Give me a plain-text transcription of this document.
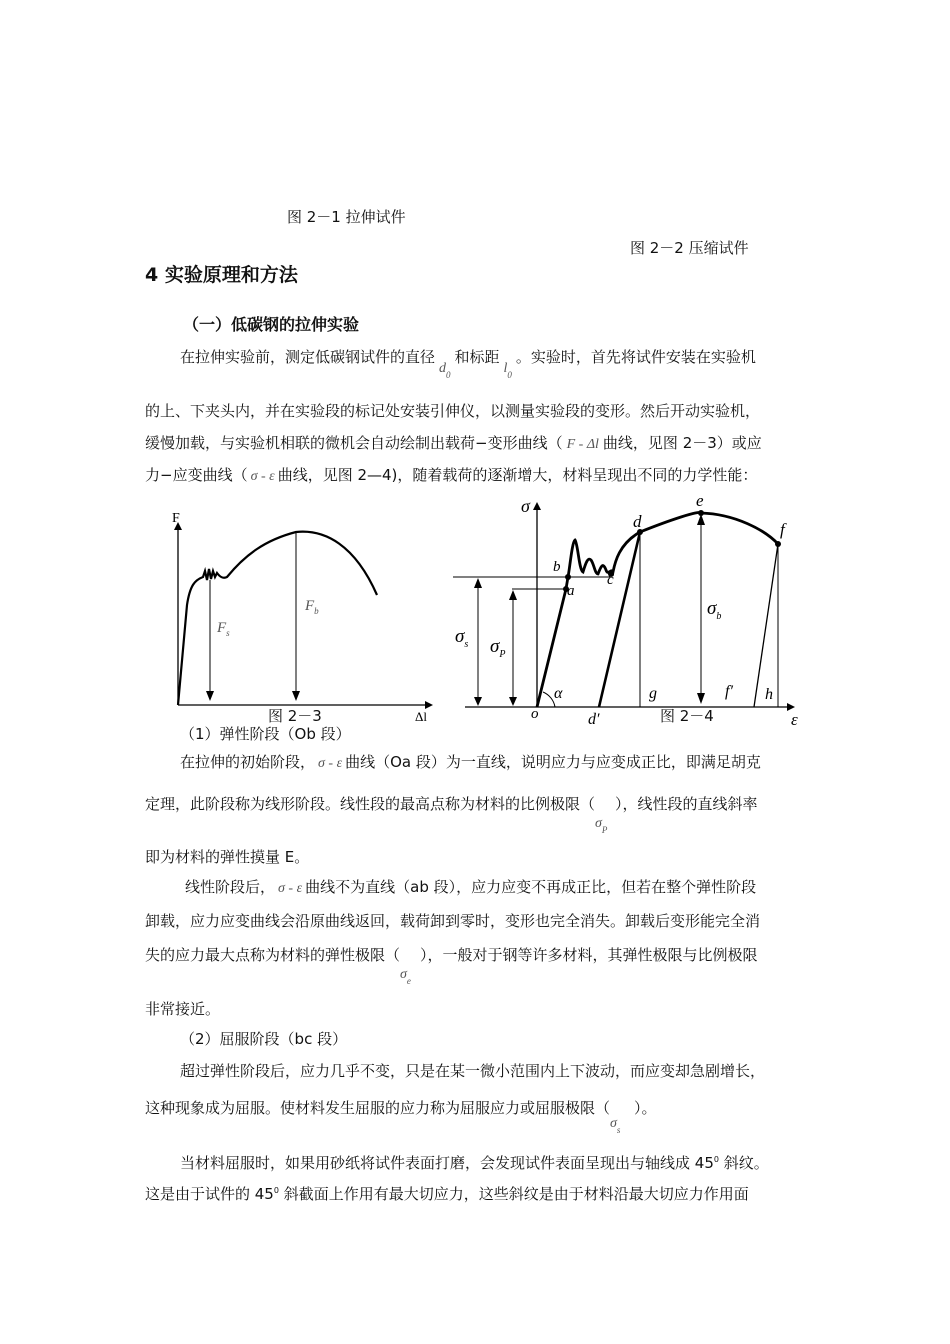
图 2－1 拉伸试件
图 2－2 压缩试件
4 实验原理和方法
（一）低碳钢的拉伸实验
在拉伸实验前，测定低碳钢试件的直径$d_0$和标距$l_0$。实验时，首先将试件安装在实验机
的上、下夹头内，并在实验段的标记处安装引伸仪，以测量实验段的变形。然后开动实验机，
缓慢加载，与实验机相联的微机会自动绘制出载荷−变形曲线（ F - Δl 曲线，见图 2－3）或应
力−应变曲线（ σ - ε 曲线，见图 2—4)，随着载荷的逐渐增大，材料呈现出不同的力学性能：
F
$F_s$
$F_b$
Δl
图 2－3
σ
ε
o
a
b
c
d
e
f
g	h
d′
f′
α
$\sigma_s$ $\sigma_P$
$\sigma_b$
图 2－4
（1）弹性阶段（Ob 段）
在拉伸的初始阶段， σ - ε 曲线（Oa 段）为一直线，说明应力与应变成正比，即满足胡克
定理，此阶段称为线形阶段。线性段的最高点称为材料的比例极限$(\sigma_P)$，线性段的直线斜率
即为材料的弹性摸量 E。
线性阶段后， σ - ε 曲线不为直线（ab 段），应力应变不再成正比，但若在整个弹性阶段
卸载，应力应变曲线会沿原曲线返回，载荷卸到零时，变形也完全消失。卸载后变形能完全消
失的应力最大点称为材料的弹性极限$(\sigma_e)$，一般对于钢等许多材料，其弹性极限与比例极限
非常接近。
（2）屈服阶段（bc 段）
超过弹性阶段后，应力几乎不变，只是在某一微小范围内上下波动，而应变却急剧增长，
这种现象成为屈服。使材料发生屈服的应力称为屈服应力或屈服极限$(\sigma_s)$。
当材料屈服时，如果用砂纸将试件表面打磨，会发现试件表面呈现出与轴线成 $45^0$ 斜纹。
这是由于试件的 $45^0$ 斜截面上作用有最大切应力，这些斜纹是由于材料沿最大切应力作用面
